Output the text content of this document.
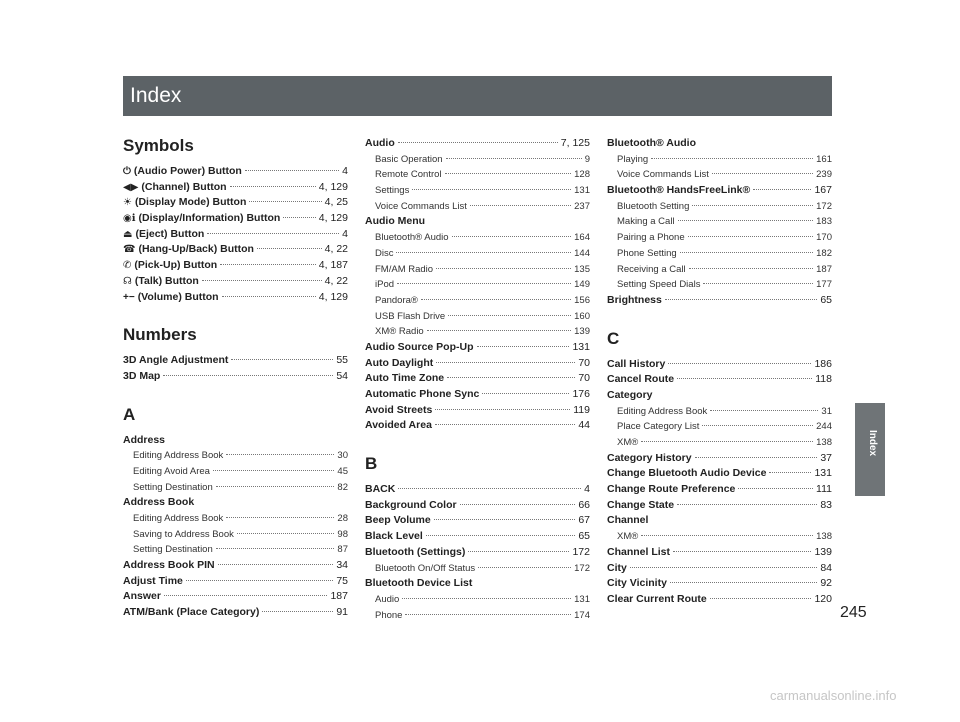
Index
Symbols
⏻ (Audio Power) Button	4
◀▶ (Channel) Button	4, 129
☀ (Display Mode) Button	4, 25
◉ℹ (Display/Information) Button	4, 129
⏏ (Eject) Button	4
☎ (Hang-Up/Back) Button	4, 22
✆ (Pick-Up) Button	4, 187
☊ (Talk) Button	4, 22
+− (Volume) Button	4, 129
Numbers
3D Angle Adjustment	55
3D Map	54
A
Address
Editing Address Book	30
Editing Avoid Area	45
Setting Destination	82
Address Book
Editing Address Book	28
Saving to Address Book	98
Setting Destination	87
Address Book PIN	34
Adjust Time	75
Answer	187
ATM/Bank (Place Category)	91
Audio	7, 125
Basic Operation	9
Remote Control	128
Settings	131
Voice Commands List	237
Audio Menu
Bluetooth® Audio	164
Disc	144
FM/AM Radio	135
iPod	149
Pandora®	156
USB Flash Drive	160
XM® Radio	139
Audio Source Pop-Up	131
Auto Daylight	70
Auto Time Zone	70
Automatic Phone Sync	176
Avoid Streets	119
Avoided Area	44
B
BACK	4
Background Color	66
Beep Volume	67
Black Level	65
Bluetooth (Settings)	172
Bluetooth On/Off Status	172
Bluetooth Device List
Audio	131
Phone	174
Bluetooth® Audio
Playing	161
Voice Commands List	239
Bluetooth® HandsFreeLink®	167
Bluetooth Setting	172
Making a Call	183
Pairing a Phone	170
Phone Setting	182
Receiving a Call	187
Setting Speed Dials	177
Brightness	65
C
Call History	186
Cancel Route	118
Category
Editing Address Book	31
Place Category List	244
XM®	138
Category History	37
Change Bluetooth Audio Device	131
Change Route Preference	111
Change State	83
Channel
XM®	138
Channel List	139
City	84
City Vicinity	92
Clear Current Route	120
Index
245
carmanualsonline.info
